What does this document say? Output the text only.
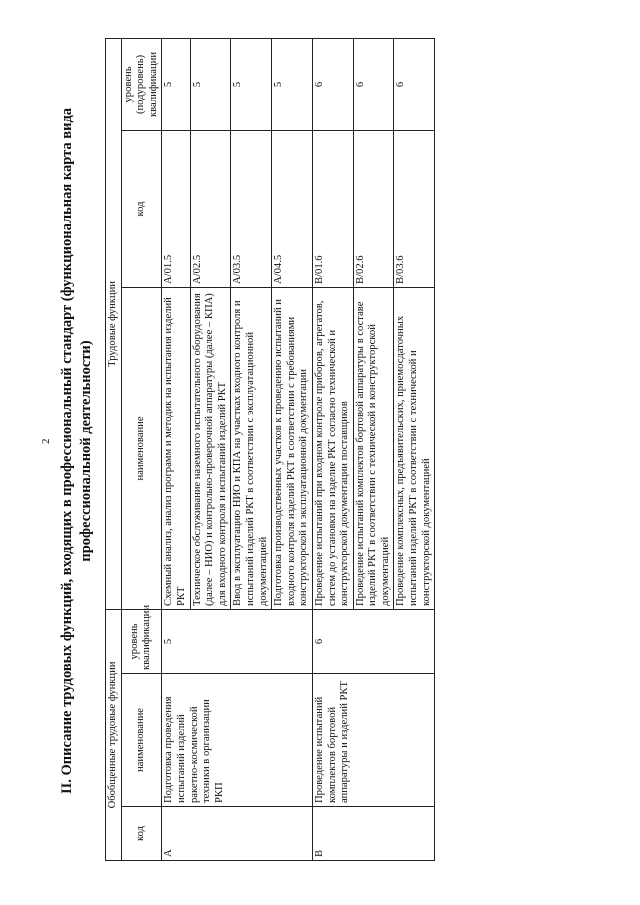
2 II. Описание трудовых функций, входящих в профессиональный стандарт (функциональная карта вида профессиональной деятельности)
Обобщенные трудовые функции			Трудовые функции		
код	наименование	уровень квалификации	наименование	код	уровень (подуровень) квалификации
А	Подготовка проведения испытаний изделий ракетно-космической техники в организации РКП	5	Схемный анализ, анализ программ и методик на испытания изделий РКТ	А/01.5	5
			Техническое обслуживание наземного испытательного оборудования (далее – НИО) и контрольно-проверочной аппаратуры (далее – КПА) для входного контроля и испытаний изделий РКТ	А/02.5	5
			Ввод в эксплуатацию НИО и КПА на участках входного контроля и испытаний изделий РКТ в соответствии с эксплуатационной документацией	А/03.5	5
			Подготовка производственных участков к проведению испытаний и входного контроля изделий РКТ в соответствии с требованиями конструкторской и эксплуатационной документации	А/04.5	5
В	Проведение испытаний комплектов бортовой аппаратуры и изделий РКТ	6	Проведение испытаний при входном контроле приборов, агрегатов, систем до установки на изделие РКТ согласно технической и конструкторской документации поставщиков	В/01.6	6
			Проведение испытаний комплектов бортовой аппаратуры в составе изделий РКТ в соответствии с технической и конструкторской документацией	В/02.6	6
			Проведение комплексных, предъявительских, приемосдаточных испытаний изделий РКТ в соответствии с технической и конструкторской документацией	В/03.6	6
